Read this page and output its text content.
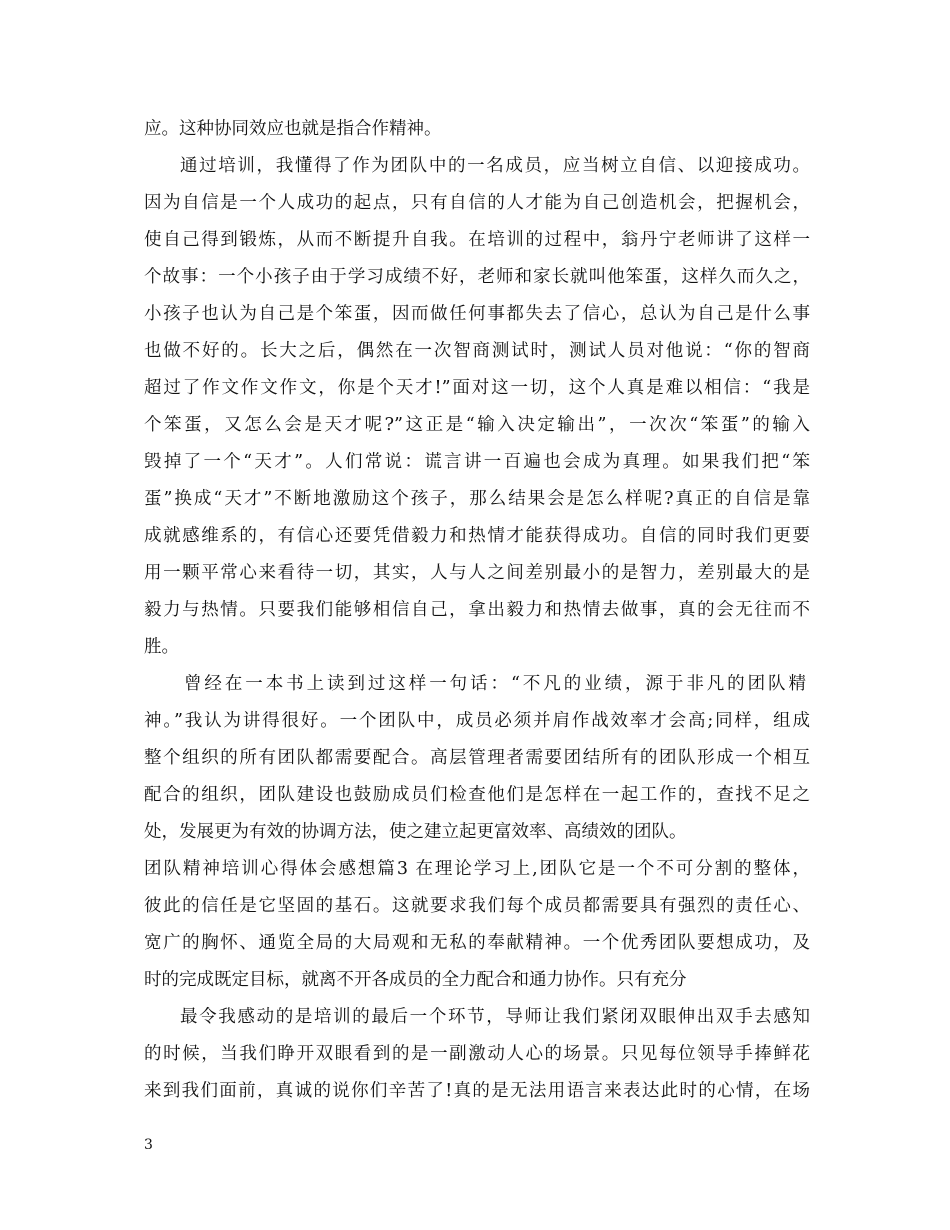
应。这种协同效应也就是指合作精神。
通过培训，我懂得了作为团队中的一名成员，应当树立自信、以迎接成功。
因为自信是一个人成功的起点，只有自信的人才能为自己创造机会，把握机会，
使自己得到锻炼，从而不断提升自我。在培训的过程中，翁丹宁老师讲了这样一
个故事：一个小孩子由于学习成绩不好，老师和家长就叫他笨蛋，这样久而久之，
小孩子也认为自己是个笨蛋，因而做任何事都失去了信心，总认为自己是什么事
也做不好的。长大之后，偶然在一次智商测试时，测试人员对他说：“你的智商
超过了作文作文作文，你是个天才!”面对这一切，这个人真是难以相信：“我是
个笨蛋，又怎么会是天才呢?”这正是“输入决定输出”，一次次“笨蛋”的输入
毁掉了一个“天才”。人们常说：谎言讲一百遍也会成为真理。如果我们把“笨
蛋”换成“天才”不断地激励这个孩子，那么结果会是怎么样呢?真正的自信是靠
成就感维系的，有信心还要凭借毅力和热情才能获得成功。自信的同时我们更要
用一颗平常心来看待一切，其实，人与人之间差别最小的是智力，差别最大的是
毅力与热情。只要我们能够相信自己，拿出毅力和热情去做事，真的会无往而不
胜。
曾经在一本书上读到过这样一句话：“不凡的业绩，源于非凡的团队精
神。”我认为讲得很好。一个团队中，成员必须并肩作战效率才会高;同样，组成
整个组织的所有团队都需要配合。高层管理者需要团结所有的团队形成一个相互
配合的组织，团队建设也鼓励成员们检查他们是怎样在一起工作的，查找不足之
处，发展更为有效的协调方法，使之建立起更富效率、高绩效的团队。
团队精神培训心得体会感想篇3 在理论学习上,团队它是一个不可分割的整体，
彼此的信任是它坚固的基石。这就要求我们每个成员都需要具有强烈的责任心、
宽广的胸怀、通览全局的大局观和无私的奉献精神。一个优秀团队要想成功，及
时的完成既定目标，就离不开各成员的全力配合和通力协作。只有充分
最令我感动的是培训的最后一个环节，导师让我们紧闭双眼伸出双手去感知
的时候，当我们睁开双眼看到的是一副激动人心的场景。只见每位领导手捧鲜花
来到我们面前，真诚的说你们辛苦了!真的是无法用语言来表达此时的心情，在场
3
